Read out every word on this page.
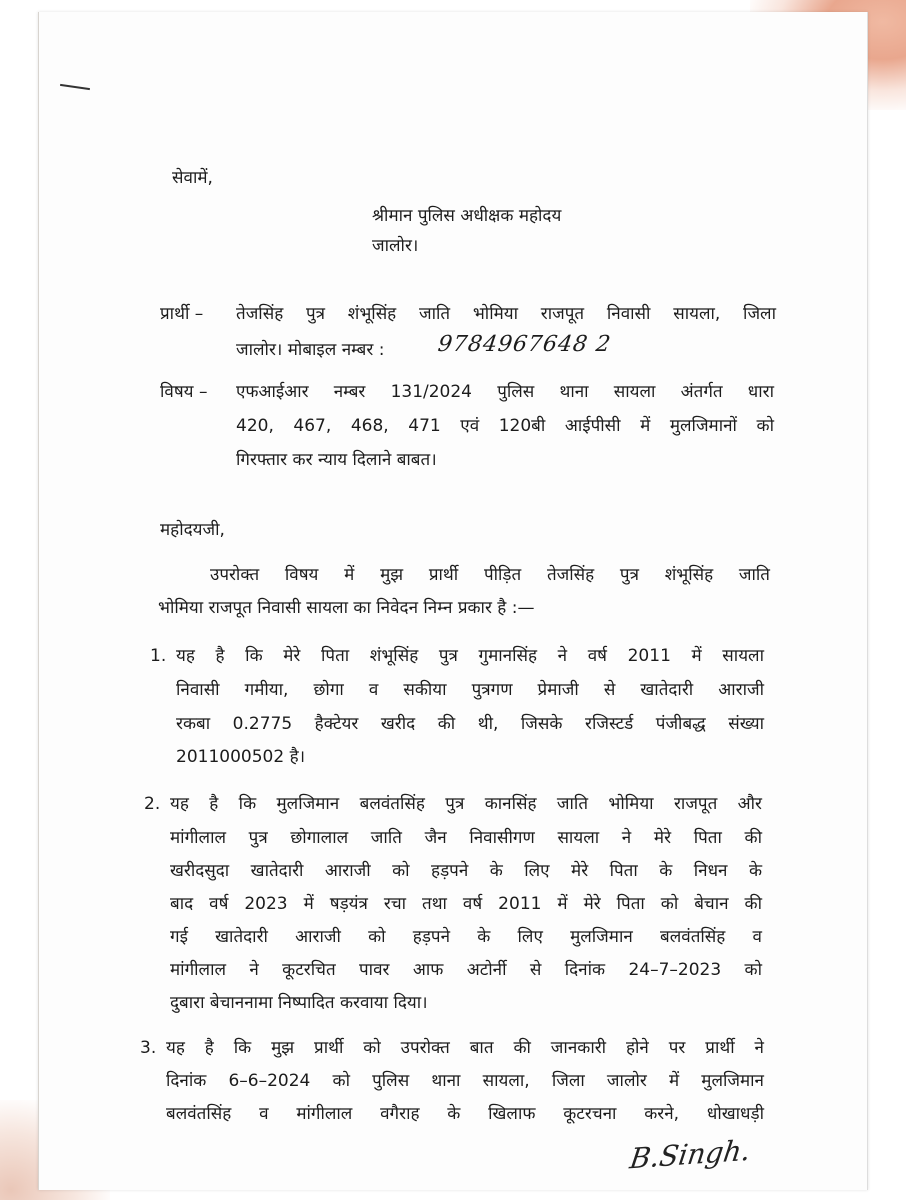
सेवामें,
श्रीमान पुलिस अधीक्षक महोदय
जालोर।
प्रार्थी – तेजसिंह पुत्र शंभूसिंह जाति भोमिया राजपूत निवासी सायला, जिला
जालोर। मोबाइल नम्बर : 9784967648 2
विषय – एफआईआर नम्बर 131/2024 पुलिस थाना सायला अंतर्गत धारा
420, 467, 468, 471 एवं 120बी आईपीसी में मुलजिमानों को
गिरफ्तार कर न्याय दिलाने बाबत।
महोदयजी,
उपरोक्त विषय में मुझ प्रार्थी पीड़ित तेजसिंह पुत्र शंभूसिंह जाति
भोमिया राजपूत निवासी सायला का निवेदन निम्न प्रकार है :—
1. यह है कि मेरे पिता शंभूसिंह पुत्र गुमानसिंह ने वर्ष 2011 में सायला
निवासी गमीया, छोगा व सकीया पुत्रगण प्रेमाजी से खातेदारी आराजी
रकबा 0.2775 हैक्टेयर खरीद की थी, जिसके रजिस्टर्ड पंजीबद्ध संख्या
2011000502 है।
2. यह है कि मुलजिमान बलवंतसिंह पुत्र कानसिंह जाति भोमिया राजपूत और
मांगीलाल पुत्र छोगालाल जाति जैन निवासीगण सायला ने मेरे पिता की
खरीदसुदा खातेदारी आराजी को हड़पने के लिए मेरे पिता के निधन के
बाद वर्ष 2023 में षड़यंत्र रचा तथा वर्ष 2011 में मेरे पिता को बेचान की
गई खातेदारी आराजी को हड़पने के लिए मुलजिमान बलवंतसिंह व
मांगीलाल ने कूटरचित पावर आफ अटोर्नी से दिनांक 24–7–2023 को
दुबारा बेचाननामा निष्पादित करवाया दिया।
3. यह है कि मुझ प्रार्थी को उपरोक्त बात की जानकारी होने पर प्रार्थी ने
दिनांक 6–6–2024 को पुलिस थाना सायला, जिला जालोर में मुलजिमान
बलवंतसिंह व मांगीलाल वगैराह के खिलाफ कूटरचना करने, धोखाधड़ी
B.Singh.
